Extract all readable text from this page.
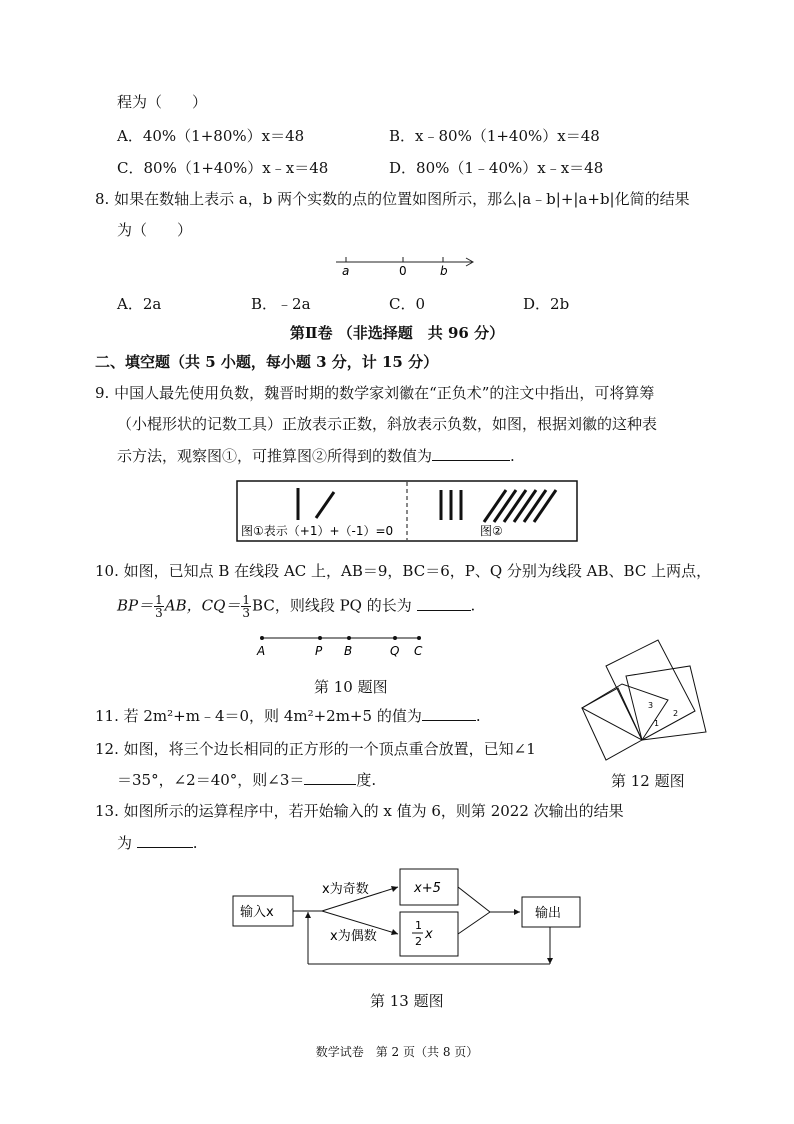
程为（　　）
A．40%（1+80%）x＝48	B．x﹣80%（1+40%）x＝48
C．80%（1+40%）x﹣x＝48	D．80%（1﹣40%）x﹣x＝48
8. 如果在数轴上表示 a，b 两个实数的点的位置如图所示，那么|a﹣b|+|a+b|化简的结果
为（　　）
a	0	b
A．2a	B．﹣2a	C．0	D．2b
第Ⅱ卷 （非选择题　共 96 分）
二、填空题（共 5 小题，每小题 3 分，计 15 分）
9. 中国人最先使用负数，魏晋时期的数学家刘徽在“正负术”的注文中指出，可将算筹
（小棍形状的记数工具）正放表示正数，斜放表示负数，如图，根据刘徽的这种表
示方法，观察图①，可推算图②所得到的数值为	.
图①表示（+1）+（-1）=0	图②
10. 如图，已知点 B 在线段 AC 上，AB＝9，BC＝6，P、Q 分别为线段 AB、BC 上两点，
$BP= \frac{1}{3}$ AB，$CQ= \frac{1}{3}$ BC，则线段 PQ 的长为	.
A	P B	Q C
第 10 题图
1
2
3
11. 若 2m²+m﹣4＝0，则 4m²+2m+5 的值为	.
12. 如图，将三个边长相同的正方形的一个顶点重合放置，已知∠1
＝35°，∠2＝40°，则∠3＝	度.	第 12 题图
13. 如图所示的运算程序中，若开始输入的 x 值为 6，则第 2022 次输出的结果
为	.
输入x
x为奇数
x为偶数
x+5
1
2 x
输出
第 13 题图
数学试卷　第 2 页（共 8 页）
